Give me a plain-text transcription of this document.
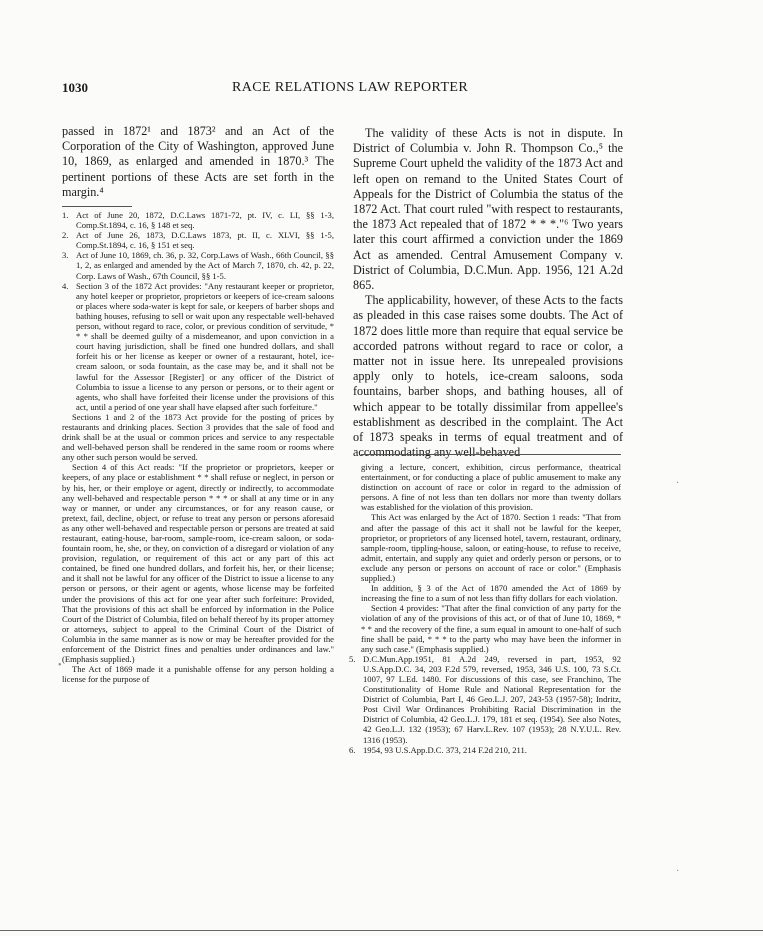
1030	RACE RELATIONS LAW REPORTER

passed in 1872¹ and 1873² and an Act of the Corporation of the City of Washington, approved June 10, 1869, as enlarged and amended in 1870.³ The pertinent portions of these Acts are set forth in the margin.⁴

1. Act of June 20, 1872, D.C.Laws 1871-72, pt. IV, c. LI, §§ 1-3, Comp.St.1894, c. 16, § 148 et seq.
2. Act of June 26, 1873, D.C.Laws 1873, pt. II, c. XLVI, §§ 1-5, Comp.St.1894, c. 16, § 151 et seq.
3. Act of June 10, 1869, ch. 36, p. 32, Corp.Laws of Wash., 66th Council, §§ 1, 2, as enlarged and amended by the Act of March 7, 1870, ch. 42, p. 22, Corp. Laws of Wash., 67th Council, §§ 1-5.
4. Section 3 of the 1872 Act provides: "Any restaurant keeper or proprietor, any hotel keeper or proprietor, proprietors or keepers of ice-cream saloons or places where soda-water is kept for sale, or keepers of barber shops and bathing houses, refusing to sell or wait upon any respectable well-behaved person, without regard to race, color, or previous condition of servitude, * * * shall be deemed guilty of a misdemeanor, and upon conviction in a court having jurisdiction, shall be fined one hundred dollars, and shall forfeit his or her license as keeper or owner of a restaurant, hotel, ice-cream saloon, or soda fountain, as the case may be, and it shall not be lawful for the Assessor [Register] or any officer of the District of Columbia to issue a license to any person or persons, or to their agent or agents, who shall have forfeited their license under the provisions of this act, until a period of one year shall have elapsed after such forfeiture."

Sections 1 and 2 of the 1873 Act provide for the posting of prices by restaurants and drinking places. Section 3 provides that the sale of food and drink shall be at the usual or common prices and service to any respectable and well-behaved person shall be rendered in the same room or rooms where any other such person would be served.

Section 4 of this Act reads: "If the proprietor or proprietors, keeper or keepers, of any place or establishment * * shall refuse or neglect, in person or by his, her, or their employe or agent, directly or indirectly, to accommodate any well-behaved and respectable person * * * or shall at any time or in any way or manner, or under any circumstances, or for any reason cause, or pretext, fail, decline, object, or refuse to treat any person or persons aforesaid as any other well-behaved and respectable person or persons are treated at said restaurant, eating-house, bar-room, sample-room, ice-cream saloon, or soda-fountain room, he, she, or they, on conviction of a disregard or violation of any provision, regulation, or requirement of this act or any part of this act contained, be fined one hundred dollars, and forfeit his, her, or their license; and it shall not be lawful for any officer of the District to issue a license to any person or persons, or their agent or agents, whose license may be forfeited under the provisions of this act for one year after such forfeiture: Provided, That the provisions of this act shall be enforced by information in the Police Court of the District of Columbia, filed on behalf thereof by its proper attorney or attorneys, subject to appeal to the Criminal Court of the District of Columbia in the same manner as is now or may be hereafter provided for the enforcement of the District fines and penalties under ordinances and law." (Emphasis supplied.)

The Act of 1869 made it a punishable offense for any person holding a license for the purpose of

The validity of these Acts is not in dispute. In District of Columbia v. John R. Thompson Co.,⁵ the Supreme Court upheld the validity of the 1873 Act and left open on remand to the United States Court of Appeals for the District of Columbia the status of the 1872 Act. That court ruled "with respect to restaurants, the 1873 Act repealed that of 1872 * * *."⁶ Two years later this court affirmed a conviction under the 1869 Act as amended. Central Amusement Company v. District of Columbia, D.C.Mun. App. 1956, 121 A.2d 865.

The applicability, however, of these Acts to the facts as pleaded in this case raises some doubts. The Act of 1872 does little more than require that equal service be accorded patrons without regard to race or color, a matter not in issue here. Its unrepealed provisions apply only to hotels, ice-cream saloons, soda fountains, barber shops, and bathing houses, all of which appear to be totally dissimilar from appellee's establishment as described in the complaint. The Act of 1873 speaks in terms of equal treatment and of accommodating any well-behaved

giving a lecture, concert, exhibition, circus performance, theatrical entertainment, or for conducting a place of public amusement to make any distinction on account of race or color in regard to the admission of persons. A fine of not less than ten dollars nor more than twenty dollars was established for the violation of this provision.

This Act was enlarged by the Act of 1870. Section 1 reads: "That from and after the passage of this act it shall not be lawful for the keeper, proprietor, or proprietors of any licensed hotel, tavern, restaurant, ordinary, sample-room, tippling-house, saloon, or eating-house, to refuse to receive, admit, entertain, and supply any quiet and orderly person or persons, or to exclude any person or persons on account of race or color." (Emphasis supplied.)

In addition, § 3 of the Act of 1870 amended the Act of 1869 by increasing the fine to a sum of not less than fifty dollars for each violation.

Section 4 provides: "That after the final conviction of any party for the violation of any of the provisions of this act, or of that of June 10, 1869, * * * and the recovery of the fine, a sum equal in amount to one-half of such fine shall be paid, * * * to the party who may have been the informer in any such case." (Emphasis supplied.)

5. D.C.Mun.App.1951, 81 A.2d 249, reversed in part, 1953, 92 U.S.App.D.C. 34, 203 F.2d 579, reversed, 1953, 346 U.S. 100, 73 S.Ct. 1007, 97 L.Ed. 1480. For discussions of this case, see Franchino, The Constitutionality of Home Rule and National Representation for the District of Columbia, Part I, 46 Geo.L.J. 207, 243-53 (1957-58); Indritz, Post Civil War Ordinances Prohibiting Racial Discrimination in the District of Columbia, 42 Geo.L.J. 179, 181 et seq. (1954). See also Notes, 42 Geo.L.J. 132 (1953); 67 Harv.L.Rev. 107 (1953); 28 N.Y.U.L. Rev. 1316 (1953).
6. 1954, 93 U.S.App.D.C. 373, 214 F.2d 210, 211.
·
•
·
